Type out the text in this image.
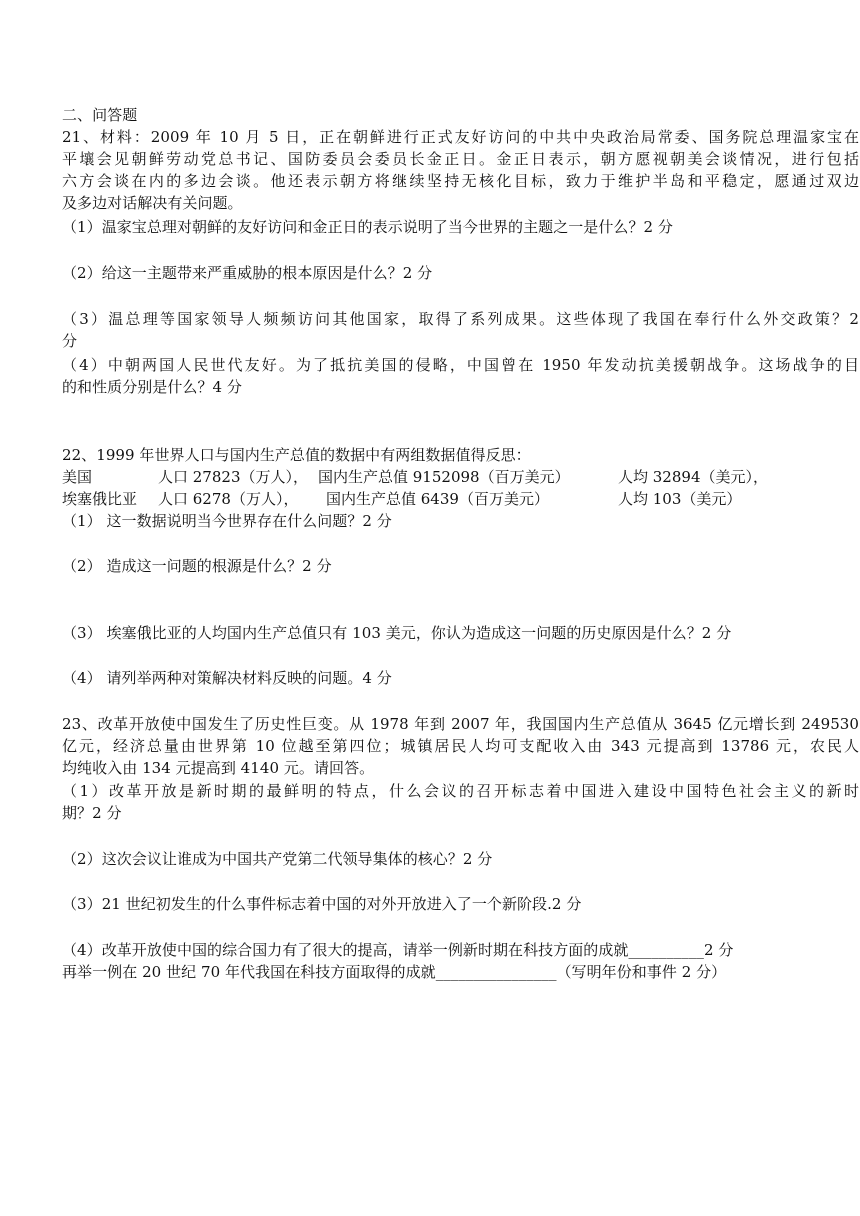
二、问答题
21、材料：2009 年 10 月 5 日，正在朝鲜进行正式友好访问的中共中央政治局常委、国务院总理温家宝在
平壤会见朝鲜劳动党总书记、国防委员会委员长金正日。金正日表示，朝方愿视朝美会谈情况，进行包括
六方会谈在内的多边会谈。他还表示朝方将继续坚持无核化目标，致力于维护半岛和平稳定，愿通过双边
及多边对话解决有关问题。
（1）温家宝总理对朝鲜的友好访问和金正日的表示说明了当今世界的主题之一是什么？2 分
（2）给这一主题带来严重威胁的根本原因是什么？2 分
（3）温总理等国家领导人频频访问其他国家，取得了系列成果。这些体现了我国在奉行什么外交政策？2
分
（4）中朝两国人民世代友好。为了抵抗美国的侵略，中国曾在 1950 年发动抗美援朝战争。这场战争的目
的和性质分别是什么？4 分
22、1999 年世界人口与国内生产总值的数据中有两组数据值得反思：
美国	人口 27823（万人）， 国内生产总值 9152098（百万美元）	人均 32894（美元），
埃塞俄比亚 人口 6278（万人）， 国内生产总值 6439（百万美元）	人均 103（美元）
（1） 这一数据说明当今世界存在什么问题？2 分
（2） 造成这一问题的根源是什么？2 分
（3） 埃塞俄比亚的人均国内生产总值只有 103 美元，你认为造成这一问题的历史原因是什么？2 分
（4） 请列举两种对策解决材料反映的问题。4 分
23、改革开放使中国发生了历史性巨变。从 1978 年到 2007 年，我国国内生产总值从 3645 亿元增长到 249530
亿元，经济总量由世界第 10 位越至第四位；城镇居民人均可支配收入由 343 元提高到 13786 元，农民人
均纯收入由 134 元提高到 4140 元。请回答。
（1）改革开放是新时期的最鲜明的特点，什么会议的召开标志着中国进入建设中国特色社会主义的新时
期？2 分
（2）这次会议让谁成为中国共产党第二代领导集体的核心？2 分
（3）21 世纪初发生的什么事件标志着中国的对外开放进入了一个新阶段.2 分
（4）改革开放使中国的综合国力有了很大的提高，请举一例新时期在科技方面的成就__________2 分
再举一例在 20 世纪 70 年代我国在科技方面取得的成就________________（写明年份和事件 2 分）
